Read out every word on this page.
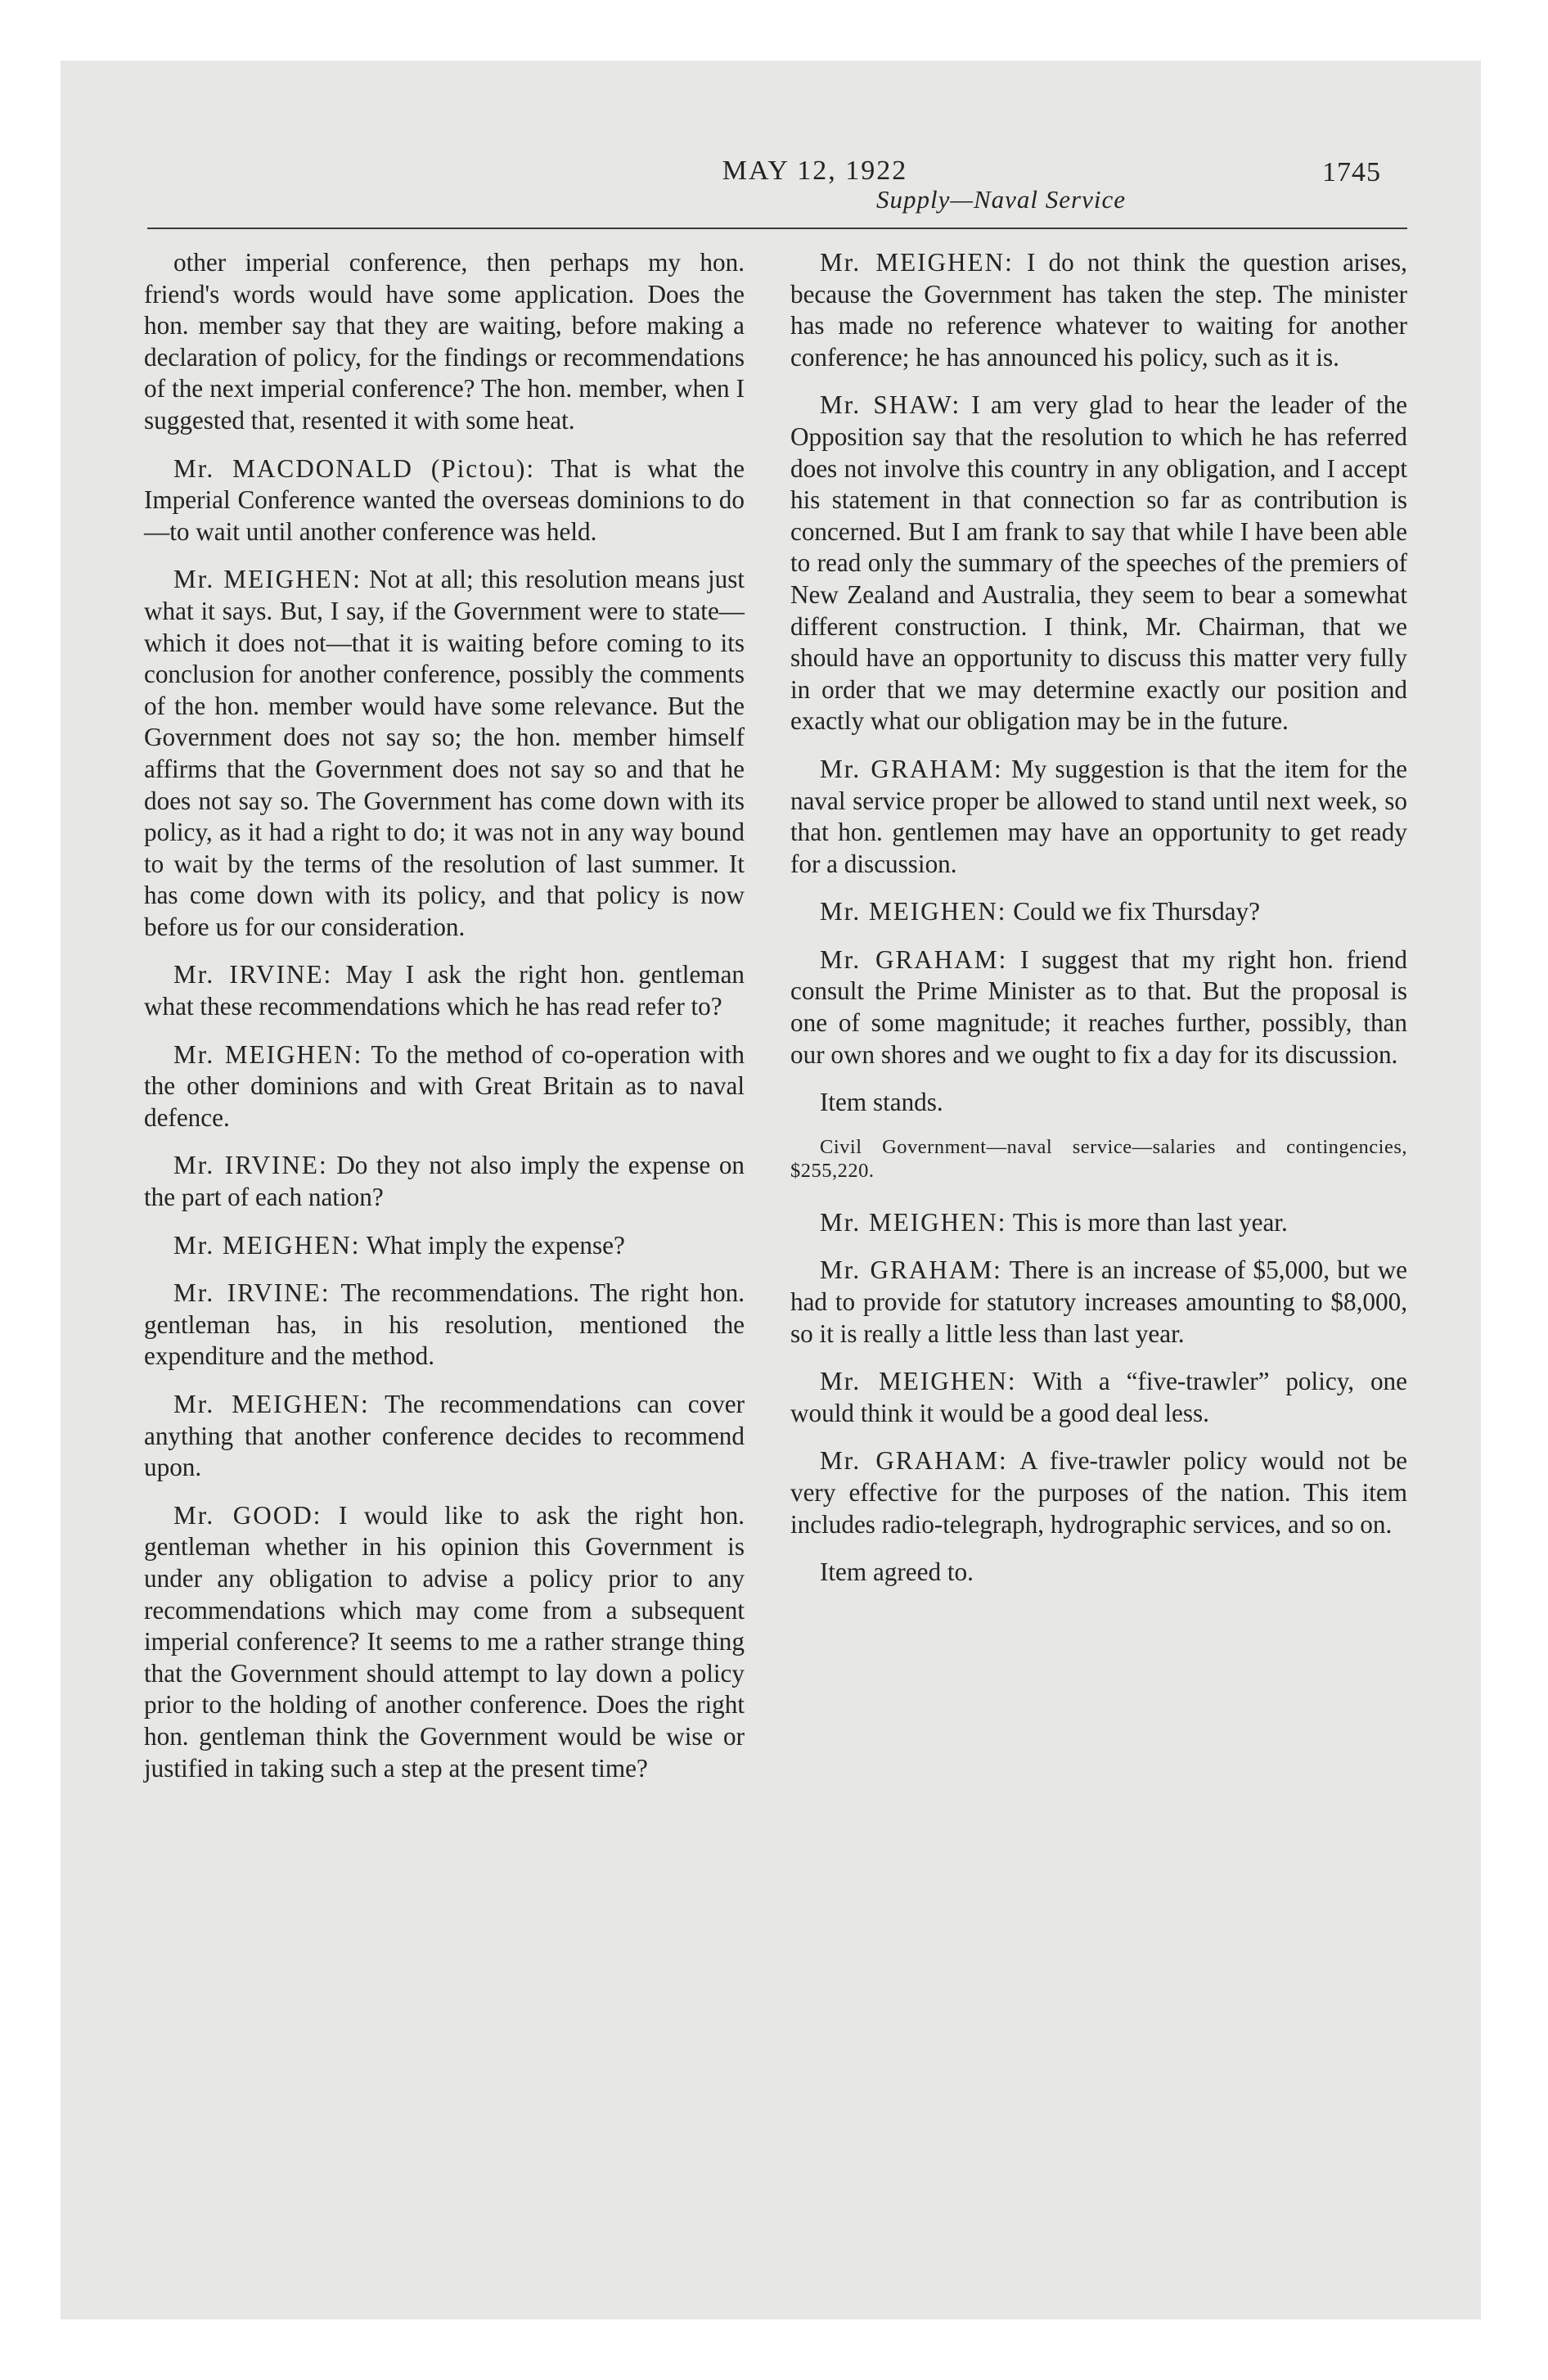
MAY 12, 1922	1745
Supply—Naval Service

other imperial conference, then perhaps my hon. friend's words would have some application. Does the hon. member say that they are waiting, before making a declaration of policy, for the findings or recommendations of the next imperial conference? The hon. member, when I suggested that, resented it with some heat.

Mr. MACDONALD (Pictou): That is what the Imperial Conference wanted the overseas dominions to do—to wait until another conference was held.

Mr. MEIGHEN: Not at all; this resolution means just what it says. But, I say, if the Government were to state—which it does not—that it is waiting before coming to its conclusion for another conference, possibly the comments of the hon. member would have some relevance. But the Government does not say so; the hon. member himself affirms that the Government does not say so and that he does not say so. The Government has come down with its policy, as it had a right to do; it was not in any way bound to wait by the terms of the resolution of last summer. It has come down with its policy, and that policy is now before us for our consideration.

Mr. IRVINE: May I ask the right hon. gentleman what these recommendations which he has read refer to?

Mr. MEIGHEN: To the method of co-operation with the other dominions and with Great Britain as to naval defence.

Mr. IRVINE: Do they not also imply the expense on the part of each nation?

Mr. MEIGHEN: What imply the expense?

Mr. IRVINE: The recommendations. The right hon. gentleman has, in his resolution, mentioned the expenditure and the method.

Mr. MEIGHEN: The recommendations can cover anything that another conference decides to recommend upon.

Mr. GOOD: I would like to ask the right hon. gentleman whether in his opinion this Government is under any obligation to advise a policy prior to any recommendations which may come from a subsequent imperial conference? It seems to me a rather strange thing that the Government should attempt to lay down a policy prior to the holding of another conference. Does the right hon. gentleman think the Government would be wise or justified in taking such a step at the present time?

Mr. MEIGHEN: I do not think the question arises, because the Government has taken the step. The minister has made no reference whatever to waiting for another conference; he has announced his policy, such as it is.

Mr. SHAW: I am very glad to hear the leader of the Opposition say that the resolution to which he has referred does not involve this country in any obligation, and I accept his statement in that connection so far as contribution is concerned. But I am frank to say that while I have been able to read only the summary of the speeches of the premiers of New Zealand and Australia, they seem to bear a somewhat different construction. I think, Mr. Chairman, that we should have an opportunity to discuss this matter very fully in order that we may determine exactly our position and exactly what our obligation may be in the future.

Mr. GRAHAM: My suggestion is that the item for the naval service proper be allowed to stand until next week, so that hon. gentlemen may have an opportunity to get ready for a discussion.

Mr. MEIGHEN: Could we fix Thursday?

Mr. GRAHAM: I suggest that my right hon. friend consult the Prime Minister as to that. But the proposal is one of some magnitude; it reaches further, possibly, than our own shores and we ought to fix a day for its discussion.

Item stands.

Civil Government—naval service—salaries and contingencies, $255,220.

Mr. MEIGHEN: This is more than last year.

Mr. GRAHAM: There is an increase of $5,000, but we had to provide for statutory increases amounting to $8,000, so it is really a little less than last year.

Mr. MEIGHEN: With a “five-trawler” policy, one would think it would be a good deal less.

Mr. GRAHAM: A five-trawler policy would not be very effective for the purposes of the nation. This item includes radio-telegraph, hydrographic services, and so on.

Item agreed to.
